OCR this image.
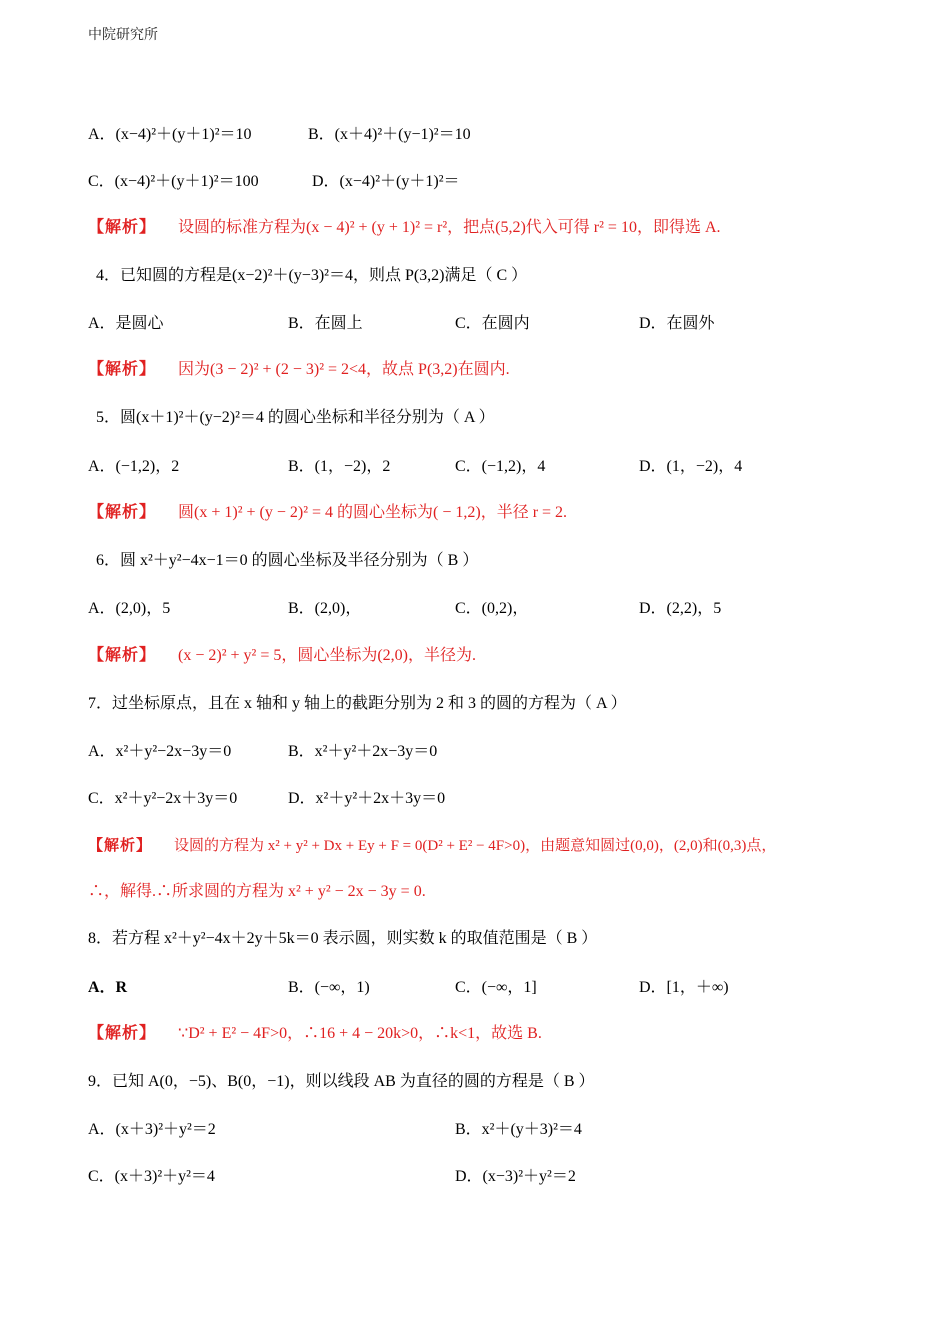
中院研究所
A．(x−4)²＋(y＋1)²＝10	B．(x＋4)²＋(y−1)²＝10
C．(x−4)²＋(y＋1)²＝100	D．(x−4)²＋(y＋1)²＝
【解析】 设圆的标准方程为(x − 4)² + (y + 1)² = r²，把点(5,2)代入可得 r² = 10，即得选 A.
4．已知圆的方程是(x−2)²＋(y−3)²＝4，则点 P(3,2)满足（ C ）
A．是圆心	B．在圆上	C．在圆内	D．在圆外
【解析】 因为(3 − 2)² + (2 − 3)² = 2<4，故点 P(3,2)在圆内.
5．圆(x＋1)²＋(y−2)²＝4 的圆心坐标和半径分别为（ A ）
A．(−1,2)，2	B．(1，−2)，2	C．(−1,2)，4	D．(1，−2)，4
【解析】 圆(x + 1)² + (y − 2)² = 4 的圆心坐标为( − 1,2)，半径 r = 2.
6．圆 x²＋y²−4x−1＝0 的圆心坐标及半径分别为（ B ）
A．(2,0)，5	B．(2,0)，	C．(0,2)，	D．(2,2)，5
【解析】 (x − 2)² + y² = 5，圆心坐标为(2,0)，半径为.
7．过坐标原点，且在 x 轴和 y 轴上的截距分别为 2 和 3 的圆的方程为（ A ）
A．x²＋y²−2x−3y＝0	B．x²＋y²＋2x−3y＝0
C．x²＋y²−2x＋3y＝0	D．x²＋y²＋2x＋3y＝0
【解析】 设圆的方程为 x² + y² + Dx + Ey + F = 0(D² + E² − 4F>0)，由题意知圆过(0,0)，(2,0)和(0,3)点，
∴，解得.∴所求圆的方程为 x² + y² − 2x − 3y = 0.
8．若方程 x²＋y²−4x＋2y＋5k＝0 表示圆，则实数 k 的取值范围是（ B ）
A．R	B．(−∞，1)	C．(−∞，1]	D．[1，＋∞)
【解析】 ∵D² + E² − 4F>0，∴16 + 4 − 20k>0，∴k<1，故选 B.
9．已知 A(0，−5)、B(0，−1)，则以线段 AB 为直径的圆的方程是（ B ）
A．(x＋3)²＋y²＝2	B．x²＋(y＋3)²＝4
C．(x＋3)²＋y²＝4	D．(x−3)²＋y²＝2
